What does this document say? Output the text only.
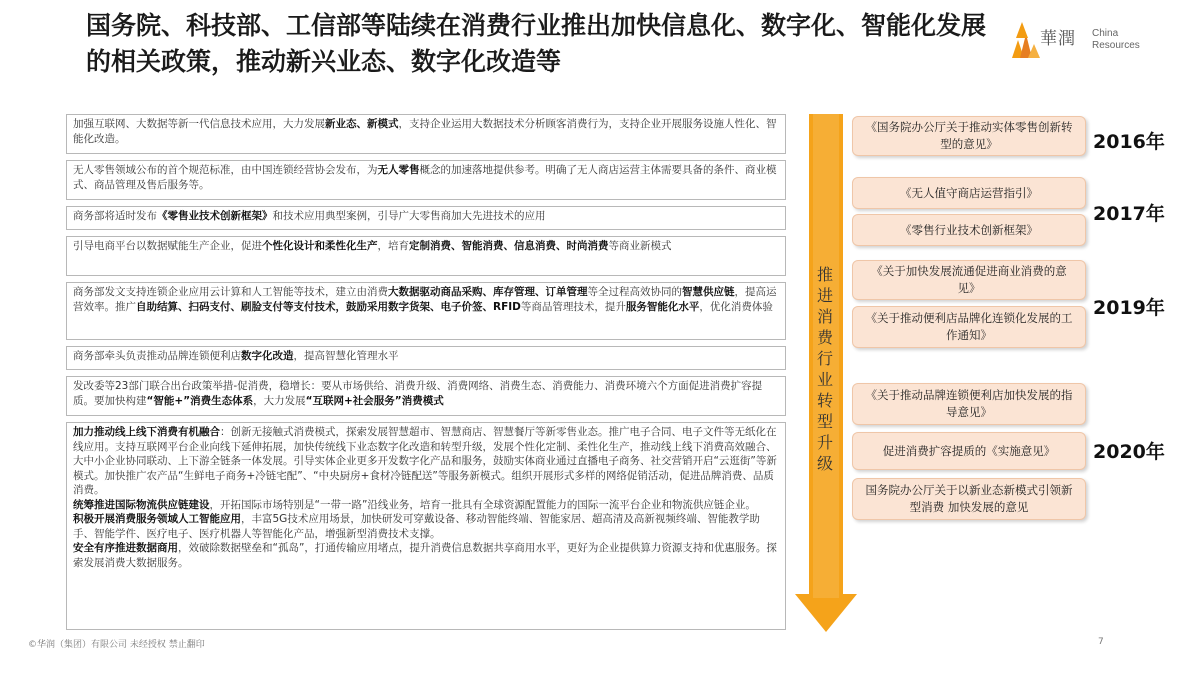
国务院、科技部、工信部等陆续在消费行业推出加快信息化、数字化、智能化发展的相关政策，推动新兴业态、数字化改造等
華潤 China
Resources
加强互联网、大数据等新一代信息技术应用，大力发展新业态、新模式，支持企业运用大数据技术分析顾客消费行为，支持企业开展服务设施人性化、智能化改造。
无人零售领域公布的首个规范标准，由中国连锁经营协会发布，为无人零售概念的加速落地提供参考。明确了无人商店运营主体需要具备的条件、商业模式、商品管理及售后服务等。
商务部将适时发布《零售业技术创新框架》和技术应用典型案例，引导广大零售商加大先进技术的应用
引导电商平台以数据赋能生产企业，促进个性化设计和柔性化生产，培育定制消费、智能消费、信息消费、时尚消费等商业新模式
商务部发文支持连锁企业应用云计算和人工智能等技术，建立由消费大数据驱动商品采购、库存管理、订单管理等全过程高效协同的智慧供应链，提高运营效率。推广自助结算、扫码支付、刷脸支付等支付技术，鼓励采用数字货架、电子价签、RFID等商品管理技术，提升服务智能化水平，优化消费体验
商务部牵头负责推动品牌连锁便利店数字化改造，提高智慧化管理水平
发改委等23部门联合出台政策举措-促消费，稳增长：要从市场供给、消费升级、消费网络、消费生态、消费能力、消费环境六个方面促进消费扩容提质。要加快构建“智能+”消费生态体系，大力发展“互联网+社会服务”消费模式

加力推动线上线下消费有机融合：创新无接触式消费模式，探索发展智慧超市、智慧商店、智慧餐厅等新零售业态。推广电子合同、电子文件等无纸化在线应用。支持互联网平台企业向线下延伸拓展，加快传统线下业态数字化改造和转型升级，发展个性化定制、柔性化生产，推动线上线下消费高效融合、大中小企业协同联动、上下游全链条一体发展。引导实体企业更多开发数字化产品和服务，鼓励实体商业通过直播电子商务、社交营销开启“云逛街”等新模式。加快推广农产品“生鲜电子商务+冷链宅配”、“中央厨房+食材冷链配送”等服务新模式。组织开展形式多样的网络促销活动，促进品牌消费、品质消费。

统筹推进国际物流供应链建设，开拓国际市场特别是“一带一路”沿线业务，培育一批具有全球资源配置能力的国际一流平台企业和物流供应链企业。

积极开展消费服务领域人工智能应用，丰富5G技术应用场景，加快研发可穿戴设备、移动智能终端、智能家居、超高清及高新视频终端、智能教学助手、智能学件、医疗电子、医疗机器人等智能化产品，增强新型消费技术支撑。

安全有序推进数据商用，效破除数据壁垒和“孤岛”，打通传输应用堵点，提升消费信息数据共享商用水平，更好为企业提供算力资源支持和优惠服务。探索发展消费大数据服务。

推进消费行业转型升级
《国务院办公厅关于推动实体零售创新转型的意见》
《无人值守商店运营指引》
《零售行业技术创新框架》
《关于加快发展流通促进商业消费的意见》
《关于推动便利店品牌化连锁化发展的工作通知》
《关于推动品牌连锁便利店加快发展的指导意见》
促进消费扩容提质的《实施意见》
国务院办公厅关于以新业态新模式引领新型消费 加快发展的意见
2016年
2017年
2019年
2020年
©华润（集团）有限公司 未经授权 禁止翻印	7
